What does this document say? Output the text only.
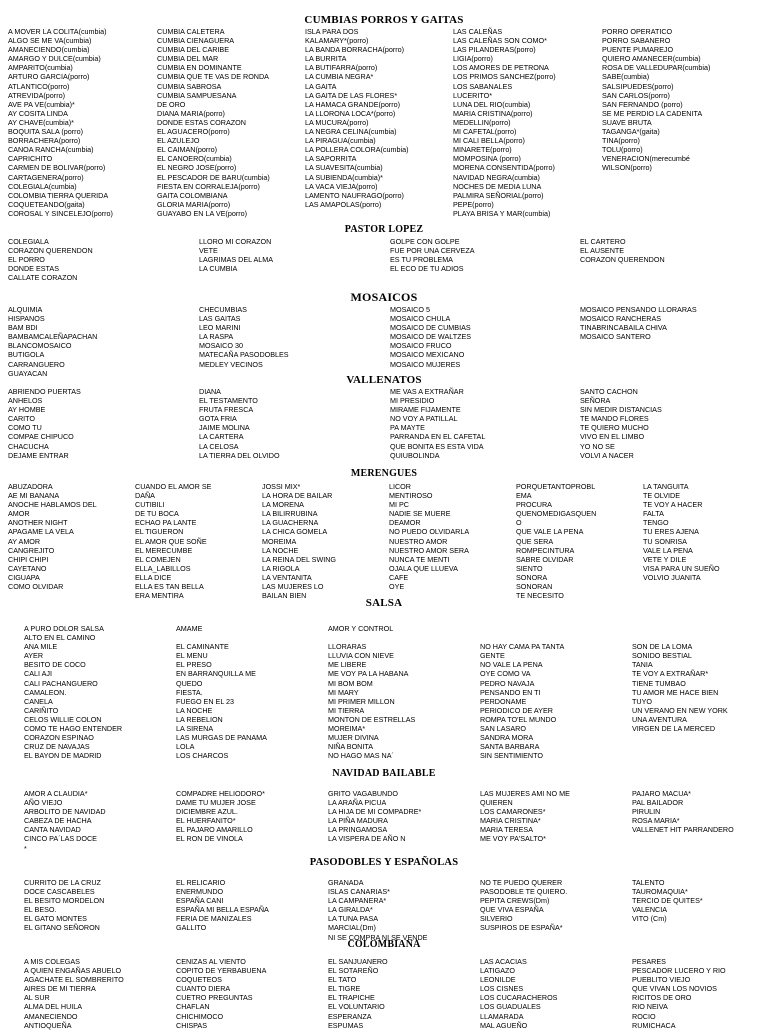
CUMBIAS PORROS Y GAITAS
A MOVER LA COLITA(cumbia)
ALGO SE ME VA(cumbia)
AMANECIENDO(cumbia)
AMARGO Y DULCE(cumbia)
AMPARITO(cumbia)
ARTURO GARCIA(porro)
ATLANTICO(porro)
ATREVIDA(porro)
AVE PA VE(cumbia)*
AY COSITA LINDA
AY CHAVE(cumbia)*
BOQUITA SALA (porro)
BORRACHERA(porro)
CANOA RANCHA(cumbia)
CAPRICHITO
CARMEN DE BOLIVAR(porro)
CARTAGENERA(porro)
COLEGIALA(cumbia)
COLOMBIA TIERRA QUERIDA
COQUETEANDO(gaita)
COROSAL Y SINCELEJO(porro)
CUMBIA CALETERA
CUMBIA CIENAGUERA
CUMBIA DEL CARIBE
CUMBIA DEL MAR
CUMBIA EN DOMINANTE
CUMBIA QUE TE VAS DE RONDA
CUMBIA SABROSA
CUMBIA SAMPUESANA
DE ORO
DIANA MARIA(porro)
DONDE ESTAS CORAZON
EL AGUACERO(porro)
EL AZULEJO
EL CAIMAN(porro)
EL CANOERO(cumbia)
EL NEGRO JOSE(porro)
EL PESCADOR DE BARU(cumbia)
FIESTA EN CORRALEJA(porro)
GAITA COLOMBIANA
GLORIA MARIA(porro)
GUAYABO EN LA VE(porro)
ISLA PARA DOS
KALAMARY*(porro)
LA BANDA BORRACHA(porro)
LA BURRITA
LA BUTIFARRA(porro)
LA CUMBIA NEGRA*
LA GAITA
LA GAITA DE LAS FLORES*
LA HAMACA GRANDE(porro)
LA LLORONA LOCA*(porro)
LA MUCURA(porro)
LA NEGRA CELINA(cumbia)
LA PIRAGUA(cumbia)
LA POLLERA COLORA(cumbia)
LA SAPORRITA
LA SUAVESITA(cumbia)
LA SUBIENDA(cumbia)*
LA VACA VIEJA(porro)
LAMENTO NAUFRAGO(porro)
LAS AMAPOLAS(porro)
LAS CALEÑAS
LAS CALEÑAS SON COMO*
LAS PILANDERAS(porro)
LIGIA(porro)
LOS AMORES DE PETRONA
LOS PRIMOS SANCHEZ(porro)
LOS SABANALES
LUCERITO*
LUNA DEL RIO(cumbia)
MARIA CRISTINA(porro)
MEDELLIN(porro)
MI CAFETAL(porro)
MI CALI BELLA(porro)
MINARETE(porro)
MOMPOSINA (porro)
MORENA CONSENTIDA(porro)
NAVIDAD NEGRA(cumbia)
NOCHES DE MEDIA LUNA
PALMIRA SEÑORIAL(porro)
PEPE(porro)
PLAYA BRISA Y MAR(cumbia)
PORRO OPERATICO
PORRO SABANERO
PUENTE PUMAREJO
QUIERO AMANECER(cumbia)
ROSA DE VALLEDUPAR(cumbia)
SABE(cumbia)
SALSIPUEDES(porro)
SAN CARLOS(porro)
SAN FERNANDO (porro)
SE ME PERDIO LA CADENITA
SUAVE BRUTA
TAGANGA*(gaita)
TINA(porro)
TOLU(porro)
VENERACION(merecumbé
WILSON(porro)
PASTOR LOPEZ
COLEGIALA
CORAZON QUERENDON
EL PORRO
DONDE ESTAS
CALLATE CORAZON
LLORO MI CORAZON
VETE
LAGRIMAS DEL ALMA
LA CUMBIA
GOLPE CON GOLPE
FUE POR UNA CERVEZA
ES TU PROBLEMA
EL ECO DE TU ADIOS
EL CARTERO
EL AUSENTE
CORAZON QUERENDON
MOSAICOS
ALQUIMIA
HISPANOS
BAM BDI
BAMBAMCALEÑAPACHAN
BLANCOMOSAICO
BUTIGOLA
CARRANGUERO
GUAYACAN
CHECUMBIAS
LAS GAITAS
LEO MARINI
LA RASPA
MOSAICO 30
MATECAÑA PASODOBLES
MEDLEY VECINOS
MOSAICO 5
MOSAICO CHULA
MOSAICO DE CUMBIAS
MOSAICO DE WALTZES
MOSAICO FRUCO
MOSAICO MEXICANO
MOSAICO MUJERES
MOSAICO PENSANDO LLORARAS
MOSAICO RANCHERAS
TINABRINCABAILA CHIVA
MOSAICO SANTERO
VALLENATOS
ABRIENDO PUERTAS
ANHELOS
AY HOMBE
CARITO
COMO TU
COMPAE CHIPUCO
CHACUCHA
DEJAME ENTRAR
DIANA
EL TESTAMENTO
FRUTA FRESCA
GOTA FRIA
JAIME MOLINA
LA CARTERA
LA CELOSA
LA TIERRA DEL OLVIDO
ME VAS A EXTRAÑAR
MI PRESIDIO
MIRAME FIJAMENTE
NO VOY A PATILLAL
PA MAYTE
PARRANDA EN EL CAFETAL
QUE BONITA ES ESTA VIDA
QUIUBOLINDA
SANTO CACHON
SEÑORA
SIN MEDIR DISTANCIAS
TE MANDO FLORES
TE QUIERO MUCHO
VIVO EN EL LIMBO
YO NO SE
VOLVI A NACER
MERENGUES
ABUZADORA
AE MI BANANA
ANOCHE HABLAMOS DEL
AMOR
ANOTHER NIGHT
APAGAME LA VELA
AY AMOR
CANGREJITO
CHIPI CHIPI
CAYETANO
CIGUAPA
COMO OLVIDAR
CUANDO EL AMOR SE
DAÑA
CUTIBILI
DE TU BOCA
ECHAO PA LANTE
EL TIGUERON
EL AMOR QUE SOÑE
EL MERECUMBE
EL COMEJEN
ELLA_LABILLOS
ELLA DICE
ELLA ES TAN BELLA
ERA MENTIRA
JOSSI MIX*
LA HORA DE BAILAR
LA MORENA
LA BILIRRUBINA
LA GUACHERNA
LA CHICA GOMELA
MOREIMA
LA NOCHE
LA REINA DEL SWING
LA RIGOLA
LA VENTANITA
LAS MUJERES LO
BAILAN BIEN
LICOR
MENTIROSO
MI PC
NADIE SE MUERE
DEAMOR
NO PUEDO OLVIDARLA
NUESTRO AMOR
NUESTRO AMOR SERA
NUNCA TE MENTI
OJALA QUE LLUEVA
CAFE
OYE
PORQUETANTOPROBL
EMA
PROCURA
QUENOMEDIGASQUEN
O
QUE VALE LA PENA
QUE SERA
ROMPECINTURA
SABRE OLVIDAR
SIENTO
SONORA
SONORAN
TE NECESITO
LA TANGUITA
TE OLVIDE
TE VOY A HACER
FALTA
TENGO
TU ERES AJENA
TU SONRISA
VALE LA PENA
VETE Y DILE
VISA PARA UN SUEÑO
VOLVIO JUANITA
SALSA
A PURO DOLOR SALSA
ALTO EN EL CAMINO
ANA MILE
AYER
BESITO DE COCO
CALI AJI
CALI PACHANGUERO
CAMALEON.
CANELA
CARIÑITO
CELOS WILLIE COLON
COMO TE HAGO ENTENDER
CORAZON ESPINAO
CRUZ DE NAVAJAS
EL BAYON DE MADRID
AMAME
EL CAMINANTE
EL MENU
EL PRESO
EN BARRANQUILLA ME
QUEDO
FIESTA.
FUEGO EN EL 23
LA NOCHE
LA REBELION
LA SIRENA
LAS MURGAS DE PANAMA
LOLA
LOS CHARCOS
AMOR Y CONTROL
LLORARAS
LLUVIA CON NIEVE
ME LIBERE
ME VOY PA LA HABANA
MI BOM BOM
MI MARY
MI PRIMER MILLON
MI TIERRA
MONTON DE ESTRELLAS
MOREIMA*
MUJER DIVINA
NIÑA BONITA
NO HAGO MAS NA´
NO HAY CAMA PA TANTA
GENTE
NO VALE LA PENA
OYE COMO VA
PEDRO NAVAJA
PENSANDO EN TI
PERDONAME
PERIODICO DE AYER
ROMPA TO'EL MUNDO
SAN LASARO
SANDRA MORA
SANTA BARBARA
SIN SENTIMIENTO
SON DE LA LOMA
SONIDO BESTIAL
TANIA
TE VOY A EXTRAÑAR*
TIENE TUMBAO
TU AMOR ME HACE BIEN
TUYO
UN VERANO EN NEW YORK
UNA AVENTURA
VIRGEN DE LA MERCED
NAVIDAD BAILABLE
AMOR A CLAUDIA*
AÑO VIEJO
ARBOLITO DE NAVIDAD
CABEZA DE HACHA
CANTA NAVIDAD
CINCO PA´LAS DOCE
*
COMPADRE HELIODORO*
DAME TU MUJER JOSE
DICIEMBRE AZUL.
EL HUERFANITO*
EL PAJARO AMARILLO
EL RON DE VINOLA
GRITO VAGABUNDO
LA ARAÑA PICUA
LA HIJA DE MI COMPADRE*
LA PIÑA MADURA
LA PRINGAMOSA
LA VISPERA DE AÑO N
LAS MUJERES AMI NO ME
QUIEREN
LOS CAMARONES*
MARIA CRISTINA*
MARIA TERESA
ME VOY PA'SALTO*
PAJARO MACUA*
PAL BAILADOR
PIRULIN
ROSA MARIA*
VALLENET HIT PARRANDERO
PASODOBLES Y ESPAÑOLAS
CURRITO DE LA CRUZ
DOCE CASCABELES
EL BESITO MORDELON
EL BESO.
EL GATO MONTES
EL GITANO SEÑORON
EL RELICARIO
ENERMUNDO
ESPAÑA CANI
ESPAÑA MI BELLA ESPAÑA
FERIA DE MANIZALES
GALLITO
GRANADA
ISLAS CANARIAS*
LA CAMPANERA*
LA GIRALDA*
LA TUNA PASA
MARCIAL(Dm)
NI SE COMPRA NI SE VENDE
NO TE PUEDO QUERER
PASODOBLE TE QUIERO.
PEPITA CREWS(Dm)
QUE VIVA ESPAÑA
SILVERIO
SUSPIROS DE ESPAÑA*
TALENTO
TAUROMAQUIA*
TERCIO DE QUITES*
VALENCIA
VITO (Cm)
COLOMBIANA
A MIS COLEGAS
A QUIEN ENGAÑAS ABUELO
AGACHATE EL SOMBRERITO
AIRES DE MI TIERRA
AL SUR
ALMA DEL HUILA
AMANECIENDO
ANTIOQUEÑA
CENIZAS AL VIENTO
COPITO DE YERBABUENA
COQUETEOS
CUANTO DIERA
CUETRO PREGUNTAS
CHAFLAN
CHICHIMOCO
CHISPAS
EL SANJUANERO
EL SOTAREÑO
EL TATO
EL TIGRE
EL TRAPICHE
EL VOLUNTARIO
ESPERANZA
ESPUMAS
LAS ACACIAS
LATIGAZO
LEONILDE
LOS CISNES
LOS CUCARACHEROS
LOS GUADUALES
LLAMARADA
MAL AGUEÑO
PESARES
PESCADOR LUCERO Y RIO
PUEBLITO VIEJO
QUE VIVAN LOS NOVIOS
RICITOS DE ORO
RIO NEIVA
ROCIO
RUMICHACA
